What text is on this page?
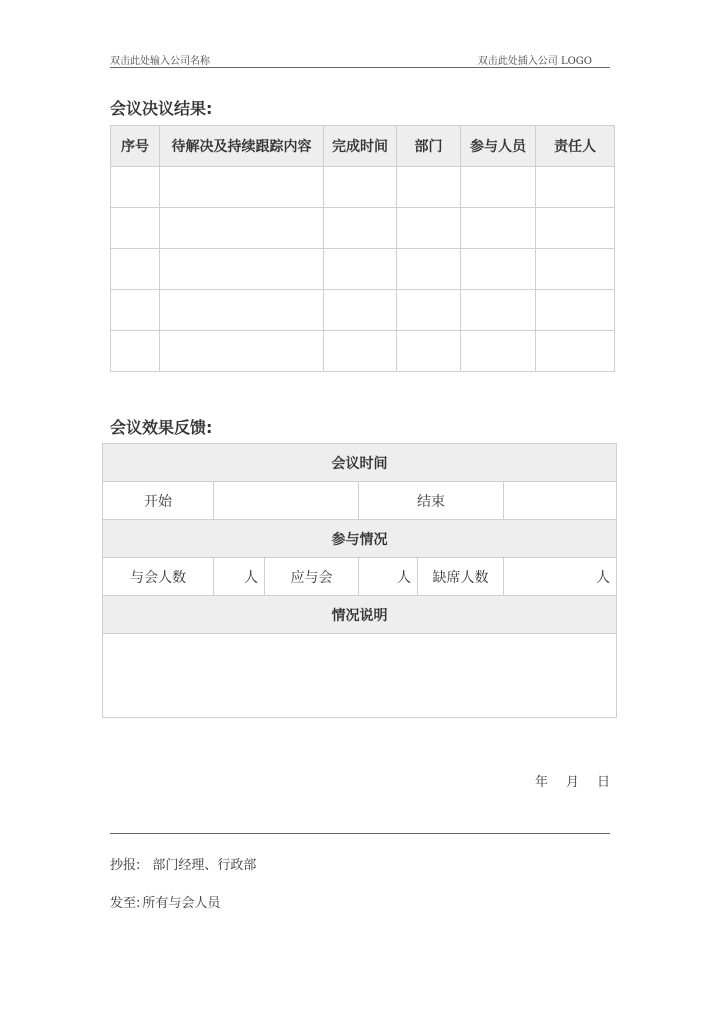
双击此处输入公司名称	双击此处插入公司 LOGO
会议决议结果:
序号	待解决及持续跟踪内容	完成时间	部门	参与人员	责任人

会议效果反馈:
会议时间					
开始			结束		
参与情况					
与会人数	人	应与会	人	缺席人数	人
情况说明					

年 月 日
抄报: 部门经理、行政部
发至: 所有与会人员
